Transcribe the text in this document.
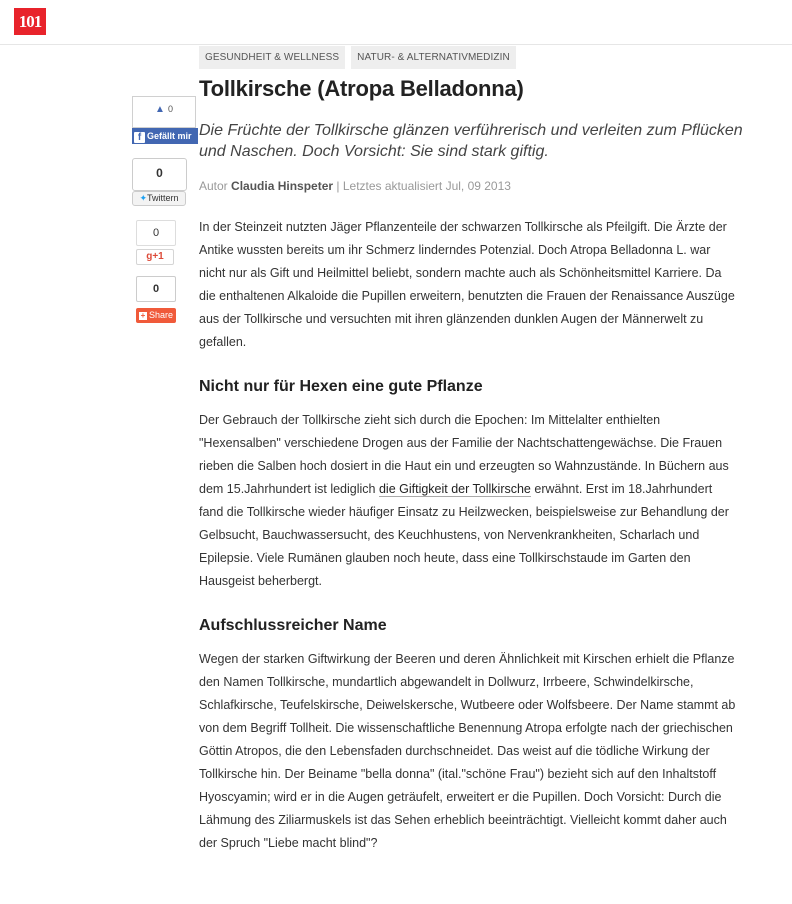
101
GESUNDHEIT & WELLNESS	NATUR- & ALTERNATIVMEDIZIN
Tollkirsche (Atropa Belladonna)

Die Früchte der Tollkirsche glänzen verführerisch und verleiten zum Pflücken und Naschen. Doch Vorsicht: Sie sind stark giftig.

Autor Claudia Hinspeter | Letztes aktualisiert Jul, 09 2013
▲ 0
f Gefällt mir
0
✦Twittern
0
g+1
0
+ Share

In der Steinzeit nutzten Jäger Pflanzenteile der schwarzen Tollkirsche als Pfeilgift. Die Ärzte der Antike wussten bereits um ihr Schmerz linderndes Potenzial. Doch Atropa Belladonna L. war nicht nur als Gift und Heilmittel beliebt, sondern machte auch als Schönheitsmittel Karriere. Da die enthaltenen Alkaloide die Pupillen erweitern, benutzten die Frauen der Renaissance Auszüge aus der Tollkirsche und versuchten mit ihren glänzenden dunklen Augen der Männerwelt zu gefallen.

Nicht nur für Hexen eine gute Pflanze

Der Gebrauch der Tollkirsche zieht sich durch die Epochen: Im Mittelalter enthielten "Hexensalben" verschiedene Drogen aus der Familie der Nachtschattengewächse. Die Frauen rieben die Salben hoch dosiert in die Haut ein und erzeugten so Wahnzustände. In Büchern aus dem 15.Jahrhundert ist lediglich die Giftigkeit der Tollkirsche erwähnt. Erst im 18.Jahrhundert fand die Tollkirsche wieder häufiger Einsatz zu Heilzwecken, beispielsweise zur Behandlung der Gelbsucht, Bauchwassersucht, des Keuchhustens, von Nervenkrankheiten, Scharlach und Epilepsie. Viele Rumänen glauben noch heute, dass eine Tollkirschstaude im Garten den Hausgeist beherbergt.

Aufschlussreicher Name

Wegen der starken Giftwirkung der Beeren und deren Ähnlichkeit mit Kirschen erhielt die Pflanze den Namen Tollkirsche, mundartlich abgewandelt in Dollwurz, Irrbeere, Schwindelkirsche, Schlafkirsche, Teufelskirsche, Deiwelskersche, Wutbeere oder Wolfsbeere. Der Name stammt ab von dem Begriff Tollheit. Die wissenschaftliche Benennung Atropa erfolgte nach der griechischen Göttin Atropos, die den Lebensfaden durchschneidet. Das weist auf die tödliche Wirkung der Tollkirsche hin. Der Beiname "bella donna" (ital."schöne Frau") bezieht sich auf den Inhaltstoff Hyoscyamin; wird er in die Augen geträufelt, erweitert er die Pupillen. Doch Vorsicht: Durch die Lähmung des Ziliarmuskels ist das Sehen erheblich beeinträchtigt. Vielleicht kommt daher auch der Spruch "Liebe macht blind"?
